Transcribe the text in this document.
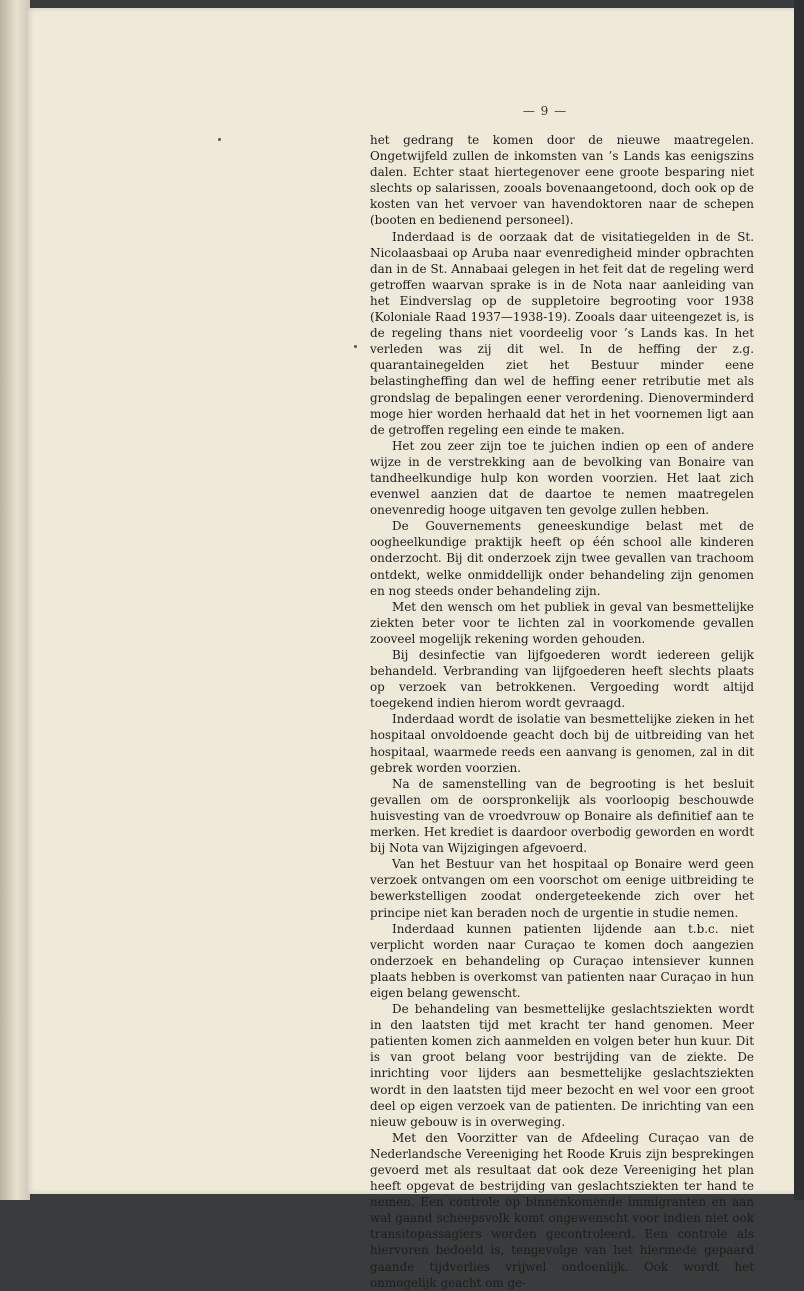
— 9 —

het gedrang te komen door de nieuwe maatregelen. Ongetwijfeld zullen de inkomsten van ’s Lands kas eenigszins dalen. Echter staat hiertegenover eene groote besparing niet slechts op salarissen, zooals bovenaangetoond, doch ook op de kosten van het vervoer van havendoktoren naar de schepen (booten en bedienend personeel).

Inderdaad is de oorzaak dat de visitatiegelden in de St. Nicolaasbaai op Aruba naar evenredigheid minder opbrachten dan in de St. Annabaai gelegen in het feit dat de regeling werd getroffen waarvan sprake is in de Nota naar aanleiding van het Eindverslag op de suppletoire begrooting voor 1938 (Koloniale Raad 1937—1938-19). Zooals daar uiteengezet is, is de regeling thans niet voordeelig voor ’s Lands kas. In het verleden was zij dit wel. In de heffing der z.g. quarantainegelden ziet het Bestuur minder eene belastingheffing dan wel de heffing eener retributie met als grondslag de bepalingen eener verordening. Dienoverminderd moge hier worden herhaald dat het in het voornemen ligt aan de getroffen regeling een einde te maken.

Het zou zeer zijn toe te juichen indien op een of andere wijze in de verstrekking aan de bevolking van Bonaire van tandheelkundige hulp kon worden voorzien. Het laat zich evenwel aanzien dat de daartoe te nemen maatregelen onevenredig hooge uitgaven ten gevolge zullen hebben.

De Gouvernements geneeskundige belast met de oogheelkundige praktijk heeft op één school alle kinderen onderzocht. Bij dit onderzoek zijn twee gevallen van trachoom ontdekt, welke onmiddellijk onder behandeling zijn genomen en nog steeds onder behandeling zijn.

Met den wensch om het publiek in geval van besmettelijke ziekten beter voor te lichten zal in voorkomende gevallen zooveel mogelijk rekening worden gehouden.

Bij desinfectie van lijfgoederen wordt iedereen gelijk behandeld. Verbranding van lijfgoederen heeft slechts plaats op verzoek van betrokkenen. Vergoeding wordt altijd toegekend indien hierom wordt gevraagd.

Inderdaad wordt de isolatie van besmettelijke zieken in het hospitaal onvoldoende geacht doch bij de uitbreiding van het hospitaal, waarmede reeds een aanvang is genomen, zal in dit gebrek worden voorzien.

Na de samenstelling van de begrooting is het besluit gevallen om de oorspronkelijk als voorloopig beschouwde huisvesting van de vroedvrouw op Bonaire als definitief aan te merken. Het krediet is daardoor overbodig geworden en wordt bij Nota van Wijzigingen afgevoerd.

Van het Bestuur van het hospitaal op Bonaire werd geen verzoek ontvangen om een voorschot om eenige uitbreiding te bewerkstelligen zoodat ondergeteekende zich over het principe niet kan beraden noch de urgentie in studie nemen.

Inderdaad kunnen patienten lijdende aan t.b.c. niet verplicht worden naar Curaçao te komen doch aangezien onderzoek en behandeling op Curaçao intensiever kunnen plaats hebben is overkomst van patienten naar Curaçao in hun eigen belang gewenscht.

De behandeling van besmettelijke geslachtsziekten wordt in den laatsten tijd met kracht ter hand genomen. Meer patienten komen zich aanmelden en volgen beter hun kuur. Dit is van groot belang voor bestrijding van de ziekte. De inrichting voor lijders aan besmettelijke geslachtsziekten wordt in den laatsten tijd meer bezocht en wel voor een groot deel op eigen verzoek van de patienten. De inrichting van een nieuw gebouw is in overweging.

Met den Voorzitter van de Afdeeling Curaçao van de Nederlandsche Vereeniging het Roode Kruis zijn besprekingen gevoerd met als resultaat dat ook deze Vereeniging het plan heeft opgevat de bestrijding van geslachtsziekten ter hand te nemen. Een controle op binnenkomende immigranten en aan wal gaand scheepsvolk komt ongewenscht voor indien niet ook transitopassagiers worden gecontroleerd. Een controle als hiervoren bedoeld is, tengevolge van het hiermede gepaard gaande tijdverlies vrijwel ondoenlijk. Ook wordt het onmogelijk geacht om ge-
